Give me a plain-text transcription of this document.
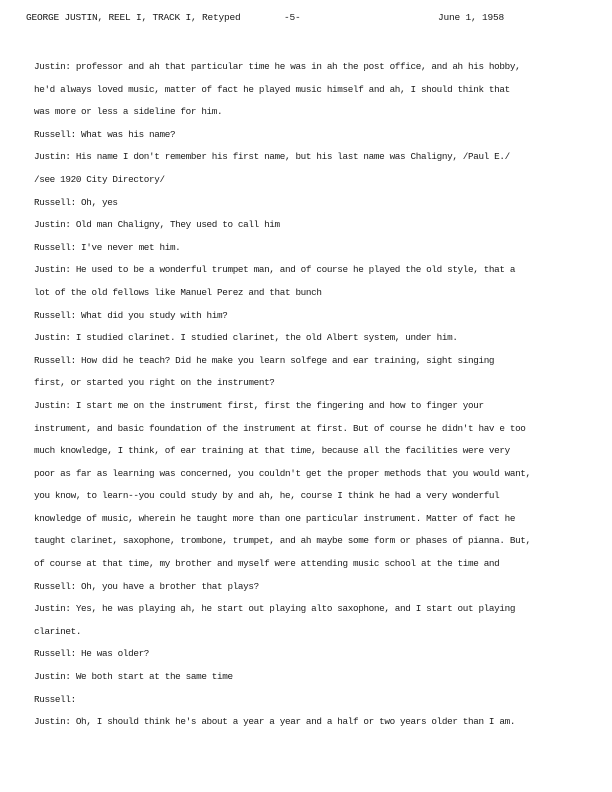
GEORGE JUSTIN, REEL I, TRACK I, Retyped	-5-	June 1, 1958
Justin: professor and ah that particular time he was in ah the post office, and ah his hobby,
he'd always loved music, matter of fact he played music himself and ah, I should think that
was more or less a sideline for him.
Russell: What was his name?
Justin: His name I don't remember his first name, but his last name was Chaligny, /Paul E./
/see 1920 City Directory/
Russell: Oh, yes
Justin: Old man Chaligny, They used to call him
Russell: I've never met him.
Justin: He used to be a wonderful trumpet man, and of course he played the old style, that a
lot of the old fellows like Manuel Perez and that bunch
Russell: What did you study with him?
Justin: I studied clarinet. I studied clarinet, the old Albert system, under him.
Russell: How did he teach? Did he make you learn solfege and ear training, sight singing
first, or started you right on the instrument?
Justin: I start me on the instrument first, first the fingering and how to finger your
instrument, and basic foundation of the instrument at first. But of course he didn't hav e too
much knowledge, I think, of ear training at that time, because all the facilities were very
poor as far as learning was concerned, you couldn't get the proper methods that you would want,
you know, to learn--you could study by and ah, he, course I think he had a very wonderful
knowledge of music, wherein he taught more than one particular instrument. Matter of fact he
taught clarinet, saxophone, trombone, trumpet, and ah maybe some form or phases of pianna. But,
of course at that time, my brother and myself were attending music school at the time and
Russell: Oh, you have a brother that plays?
Justin: Yes, he was playing ah, he start out playing alto saxophone, and I start out playing
clarinet.
Russell: He was older?
Justin: We both start at the same time
Russell:
Justin: Oh, I should think he's about a year a year and a half or two years older than I am.
